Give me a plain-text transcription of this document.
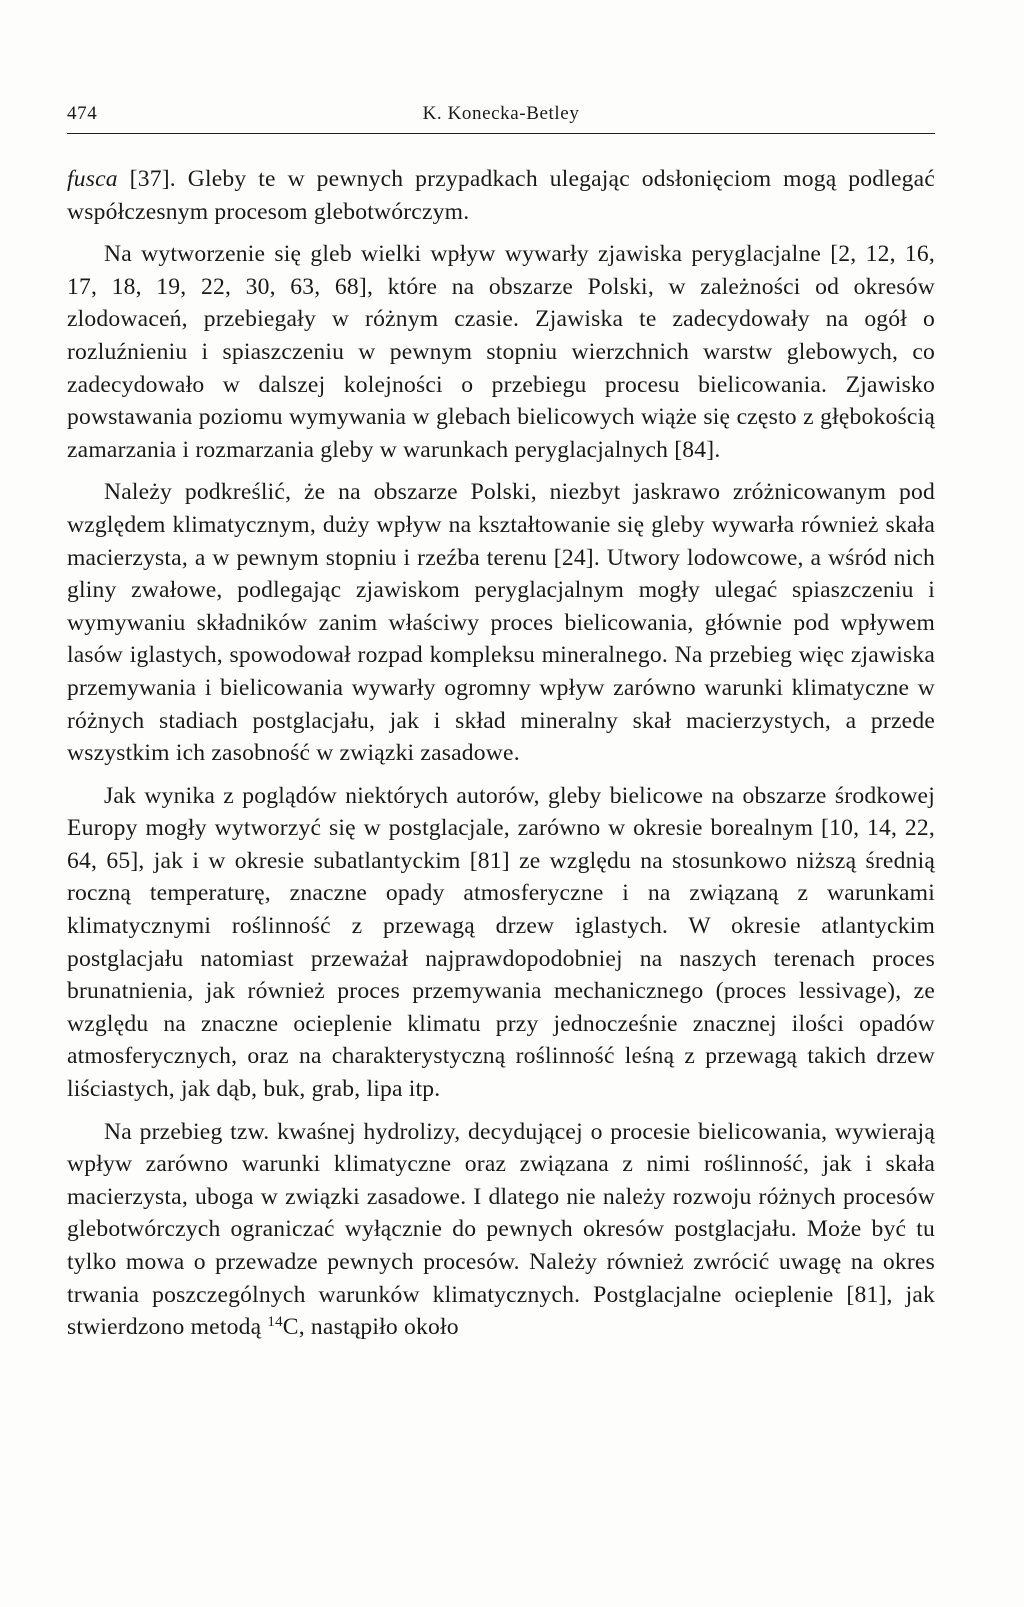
474	K. Konecka-Betley

fusca [37]. Gleby te w pewnych przypadkach ulegając odsłonięciom mogą podlegać współczesnym procesom glebotwórczym.

Na wytworzenie się gleb wielki wpływ wywarły zjawiska peryglacjalne [2, 12, 16, 17, 18, 19, 22, 30, 63, 68], które na obszarze Polski, w zależności od okresów zlodowaceń, przebiegały w różnym czasie. Zjawiska te zadecydowały na ogół o rozluźnieniu i spiaszczeniu w pewnym stopniu wierzchnich warstw glebowych, co zadecydowało w dalszej kolejności o przebiegu procesu bielicowania. Zjawisko powstawania poziomu wymywania w glebach bielicowych wiąże się często z głębokością zamarzania i rozmarzania gleby w warunkach peryglacjalnych [84].

Należy podkreślić, że na obszarze Polski, niezbyt jaskrawo zróżnicowanym pod względem klimatycznym, duży wpływ na kształtowanie się gleby wywarła również skała macierzysta, a w pewnym stopniu i rzeźba terenu [24]. Utwory lodowcowe, a wśród nich gliny zwałowe, podlegając zjawiskom peryglacjalnym mogły ulegać spiaszczeniu i wymywaniu składników zanim właściwy proces bielicowania, głównie pod wpływem lasów iglastych, spowodował rozpad kompleksu mineralnego. Na przebieg więc zjawiska przemywania i bielicowania wywarły ogromny wpływ zarówno warunki klimatyczne w różnych stadiach postglacjału, jak i skład mineralny skał macierzystych, a przede wszystkim ich zasobność w związki zasadowe.

Jak wynika z poglądów niektórych autorów, gleby bielicowe na obszarze środkowej Europy mogły wytworzyć się w postglacjale, zarówno w okresie borealnym [10, 14, 22, 64, 65], jak i w okresie subatlantyckim [81] ze względu na stosunkowo niższą średnią roczną temperaturę, znaczne opady atmosferyczne i na związaną z warunkami klimatycznymi roślinność z przewagą drzew iglastych. W okresie atlantyckim postglacjału natomiast przeważał najprawdopodobniej na naszych terenach proces brunatnienia, jak również proces przemywania mechanicznego (proces lessivage), ze względu na znaczne ocieplenie klimatu przy jednocześnie znacznej ilości opadów atmosferycznych, oraz na charakterystyczną roślinność leśną z przewagą takich drzew liściastych, jak dąb, buk, grab, lipa itp.

Na przebieg tzw. kwaśnej hydrolizy, decydującej o procesie bielicowania, wywierają wpływ zarówno warunki klimatyczne oraz związana z nimi roślinność, jak i skała macierzysta, uboga w związki zasadowe. I dlatego nie należy rozwoju różnych procesów glebotwórczych ograniczać wyłącznie do pewnych okresów postglacjału. Może być tu tylko mowa o przewadze pewnych procesów. Należy również zwrócić uwagę na okres trwania poszczególnych warunków klimatycznych. Postglacjalne ocieplenie [81], jak stwierdzono metodą $^{14}$C, nastąpiło około
